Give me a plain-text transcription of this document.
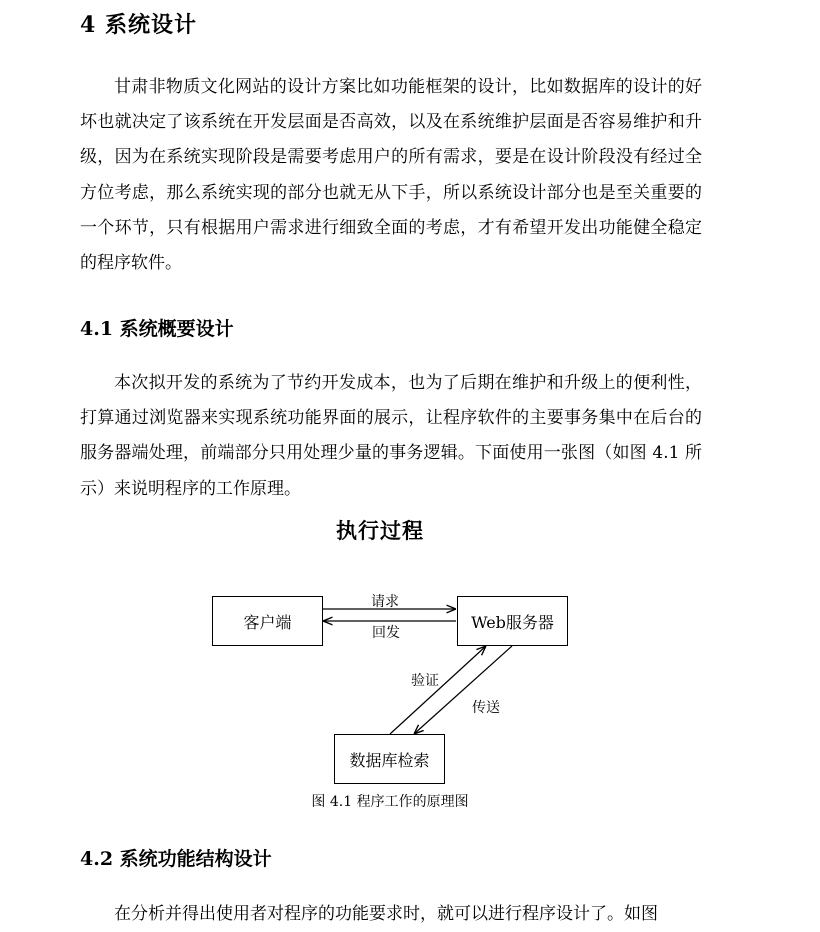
4 系统设计

甘肃非物质文化网站的设计方案比如功能框架的设计，比如数据库的设计的好坏也就决定了该系统在开发层面是否高效，以及在系统维护层面是否容易维护和升级，因为在系统实现阶段是需要考虑用户的所有需求，要是在设计阶段没有经过全方位考虑，那么系统实现的部分也就无从下手，所以系统设计部分也是至关重要的一个环节，只有根据用户需求进行细致全面的考虑，才有希望开发出功能健全稳定的程序软件。

4.1 系统概要设计

本次拟开发的系统为了节约开发成本，也为了后期在维护和升级上的便利性，打算通过浏览器来实现系统功能界面的展示，让程序软件的主要事务集中在后台的服务器端处理，前端部分只用处理少量的事务逻辑。下面使用一张图（如图 4.1 所示）来说明程序的工作原理。

执行过程
客户端	Web服务器
数据库检索
请求
回发
验证
传送
图 4.1 程序工作的原理图
4.2 系统功能结构设计

在分析并得出使用者对程序的功能要求时，就可以进行程序设计了。如图
